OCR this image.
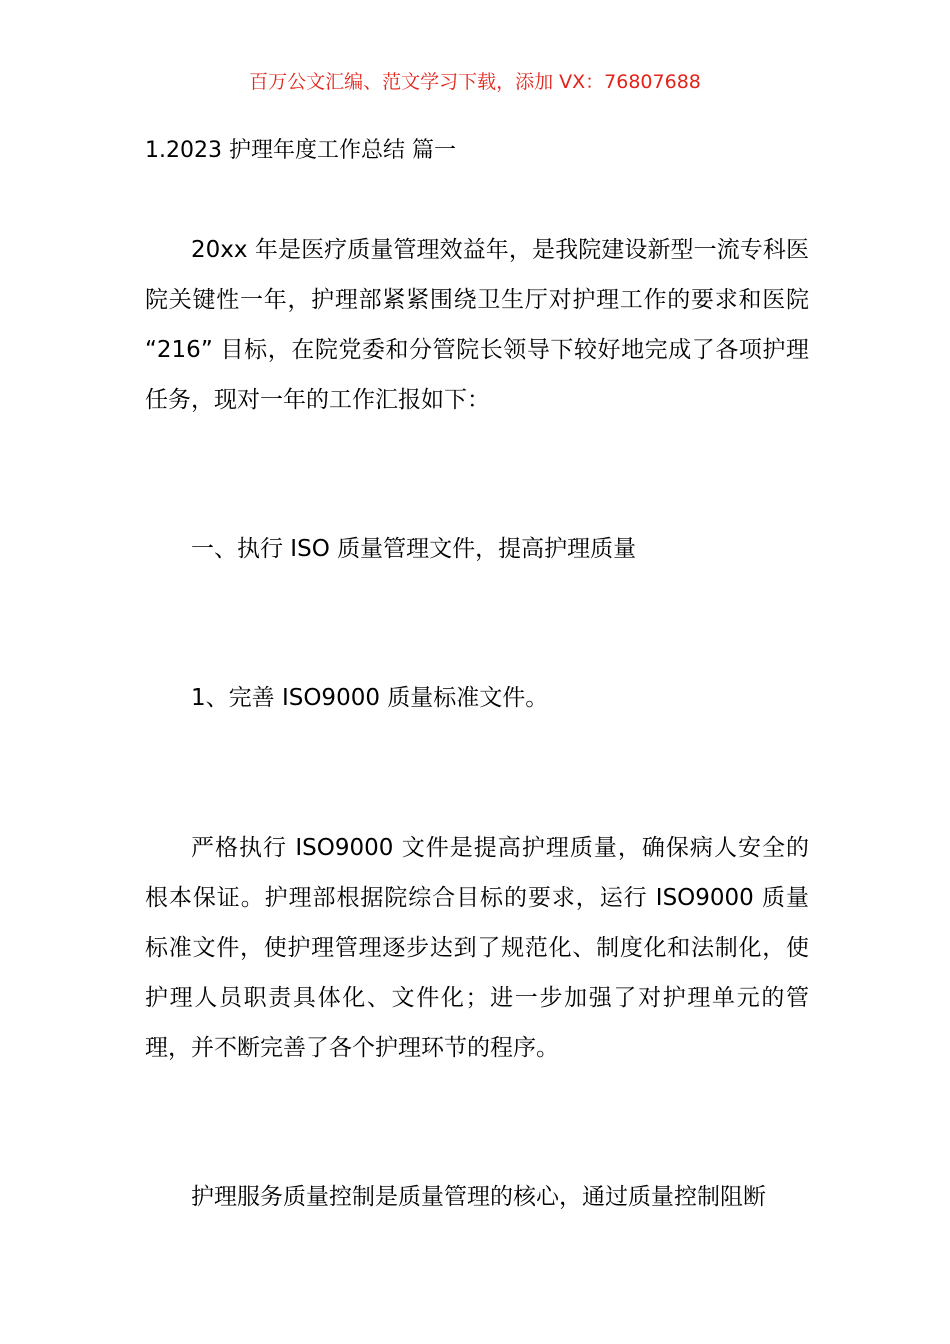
百万公文汇编、范文学习下载，添加 VX：76807688
1.2023 护理年度工作总结 篇一

20xx 年是医疗质量管理效益年，是我院建设新型一流专科医院关键性一年，护理部紧紧围绕卫生厅对护理工作的要求和医院 “216” 目标，在院党委和分管院长领导下较好地完成了各项护理任务，现对一年的工作汇报如下：

一、执行 ISO 质量管理文件，提高护理质量
1、完善 ISO9000 质量标准文件。

严格执行 ISO9000 文件是提高护理质量，确保病人安全的根本保证。护理部根据院综合目标的要求，运行 ISO9000 质量标准文件，使护理管理逐步达到了规范化、制度化和法制化，使护理人员职责具体化、文件化；进一步加强了对护理单元的管理，并不断完善了各个护理环节的程序。

护理服务质量控制是质量管理的核心，通过质量控制阻断
